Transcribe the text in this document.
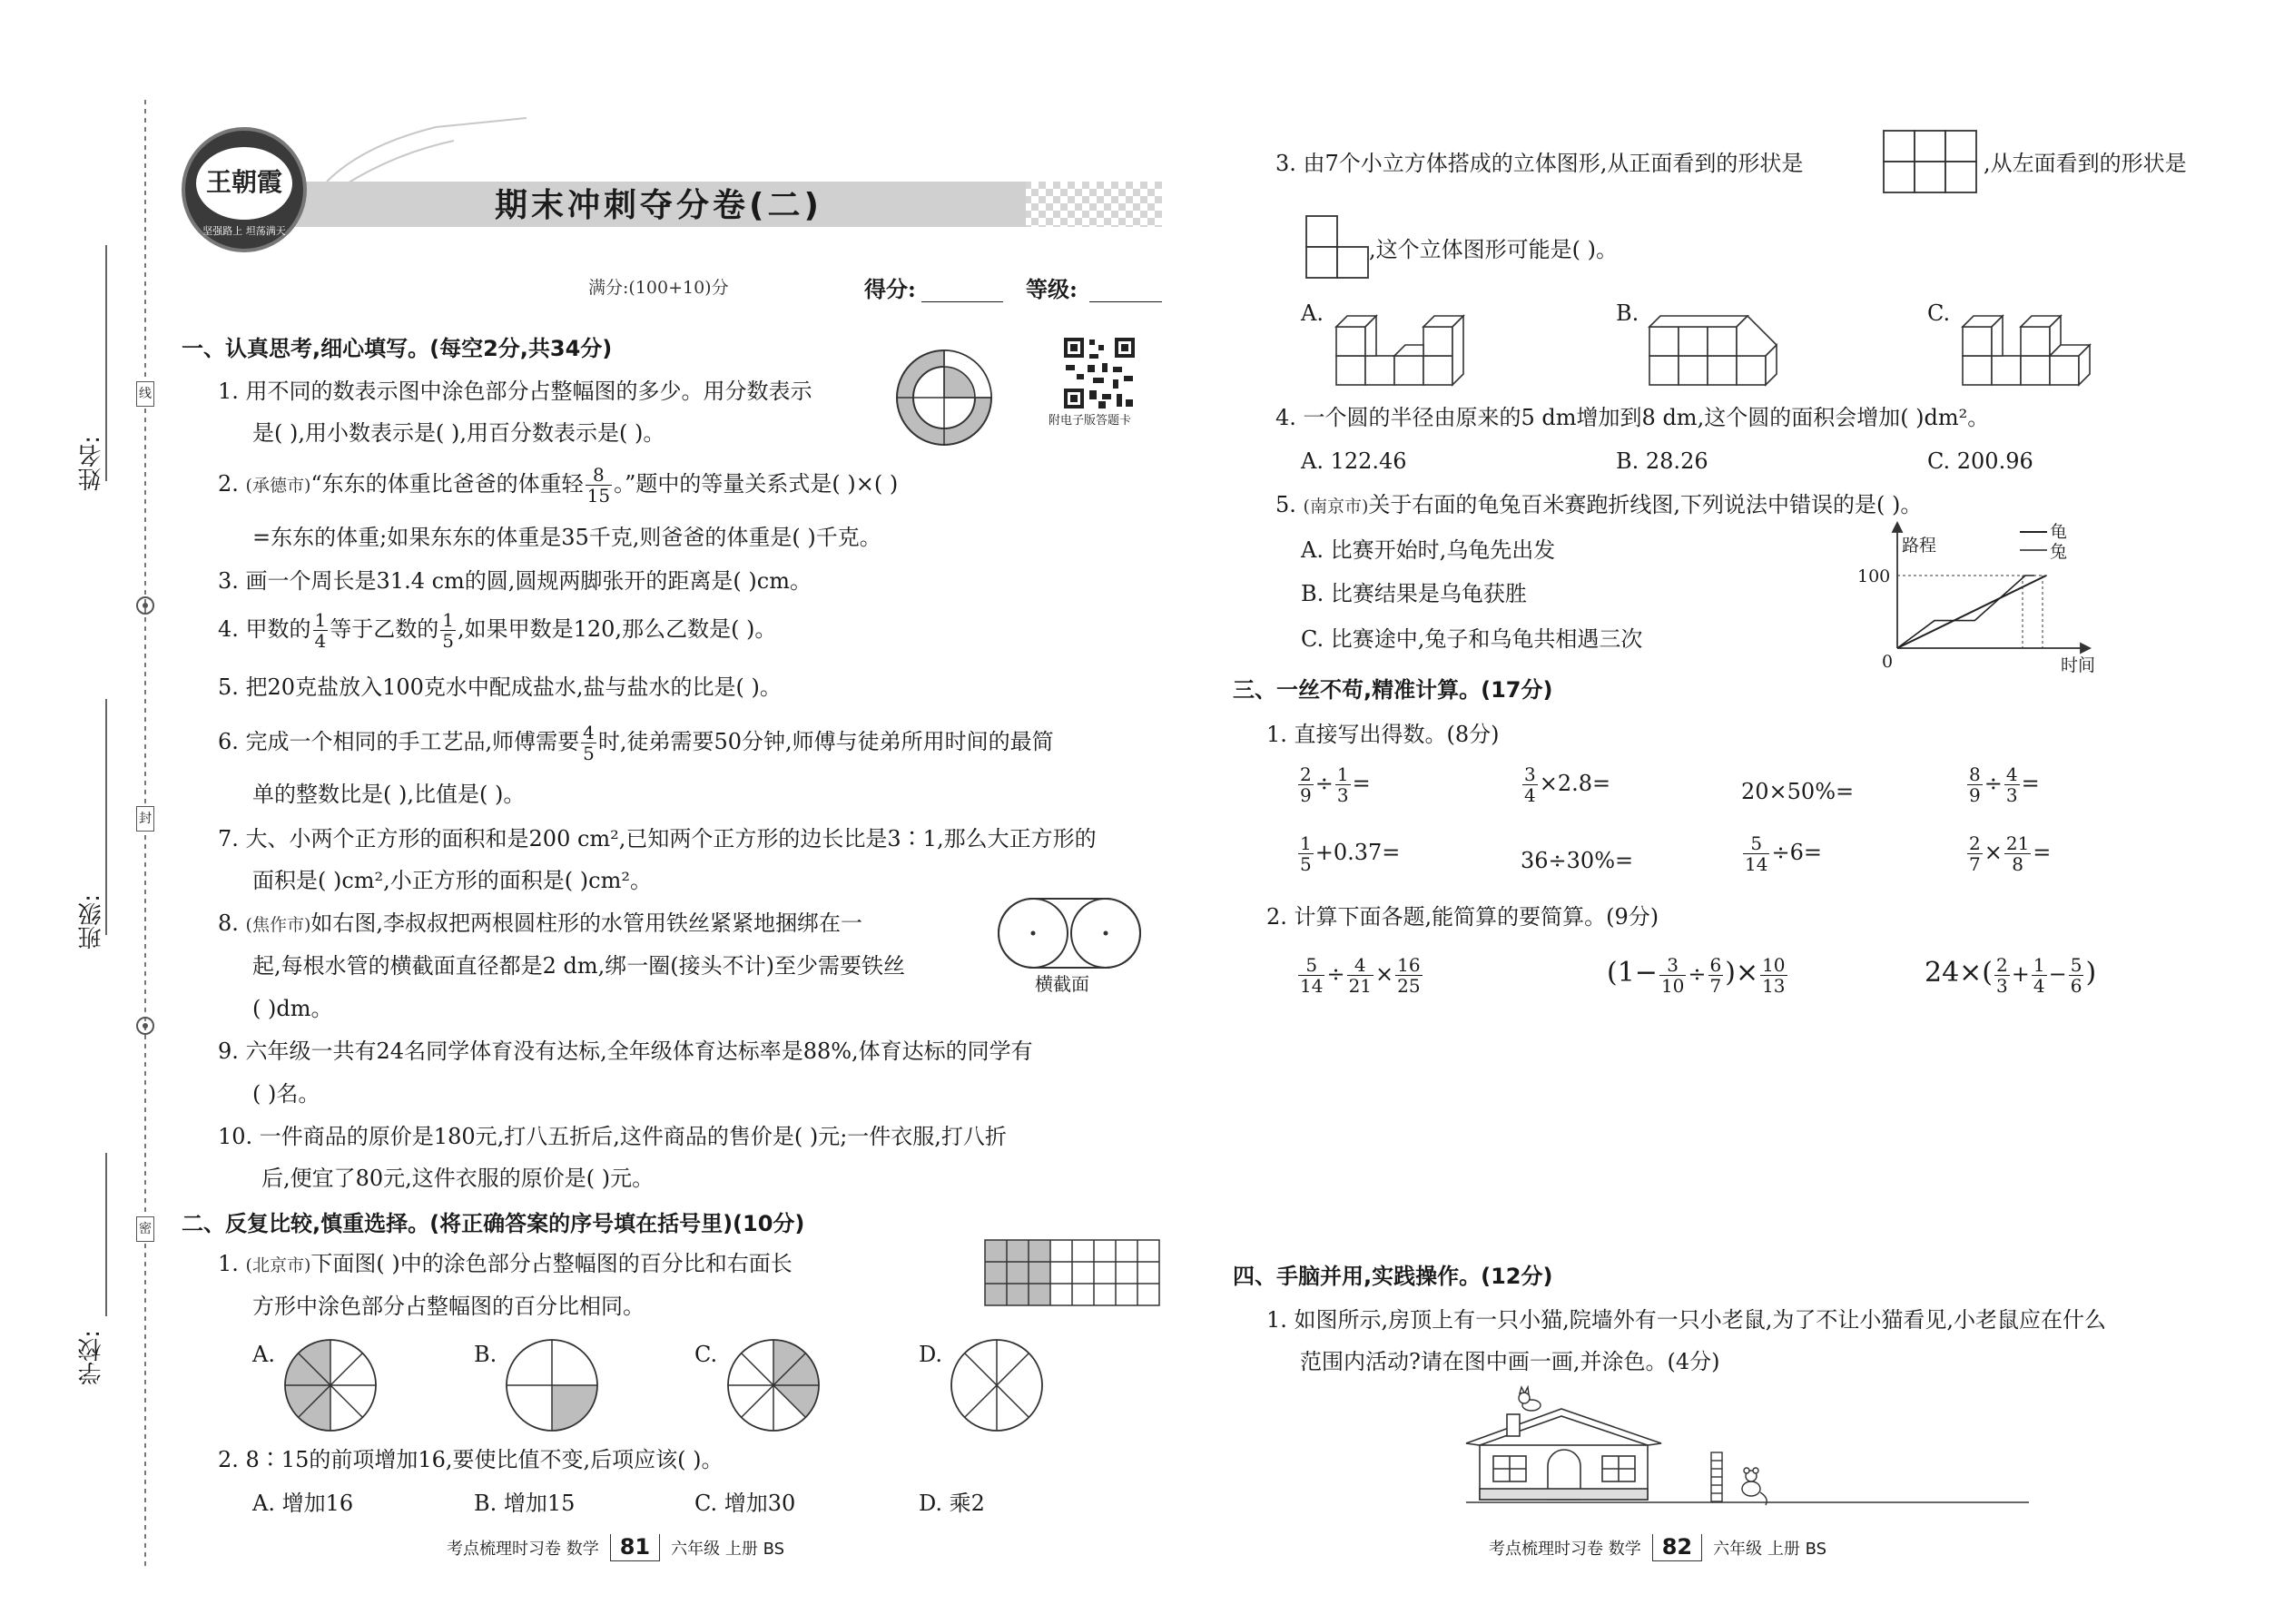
姓名:
班级:
学校:
线
封
密
王朝霞
坚强路上 坦荡满天
期末冲刺夺分卷(二)
满分:(100+10)分	得分:	等级:
附电子版答题卡
一、认真思考,细心填写。(每空2分,共34分)
1. 用不同的数表示图中涂色部分占整幅图的多少。用分数表示
是( ),用小数表示是( ),用百分数表示是( )。
2. (承德市)“东东的体重比爸爸的体重轻 $\frac{8}{15}$ 。”题中的等量关系式是( )×( )
=东东的体重;如果东东的体重是35千克,则爸爸的体重是( )千克。
3. 画一个周长是31.4 cm的圆,圆规两脚张开的距离是( )cm。
4. 甲数的 $\frac{1}{4}$ 等于乙数的 $\frac{1}{5}$ ,如果甲数是120,那么乙数是( )。
5. 把20克盐放入100克水中配成盐水,盐与盐水的比是( )。
6. 完成一个相同的手工艺品,师傅需要 $\frac{4}{5}$ 时,徒弟需要50分钟,师傅与徒弟所用时间的最简
单的整数比是( ),比值是( )。
7. 大、小两个正方形的面积和是200 cm²,已知两个正方形的边长比是3∶1,那么大正方形的
面积是( )cm²,小正方形的面积是( )cm²。
8. (焦作市)如右图,李叔叔把两根圆柱形的水管用铁丝紧紧地捆绑在一
起,每根水管的横截面直径都是2 dm,绑一圈(接头不计)至少需要铁丝
( )dm。
横截面
9. 六年级一共有24名同学体育没有达标,全年级体育达标率是88%,体育达标的同学有
( )名。
10. 一件商品的原价是180元,打八五折后,这件商品的售价是( )元;一件衣服,打八折
后,便宜了80元,这件衣服的原价是( )元。
二、反复比较,慎重选择。(将正确答案的序号填在括号里)(10分)
1. (北京市)下面图( )中的涂色部分占整幅图的百分比和右面长
方形中涂色部分占整幅图的百分比相同。
A.	B.	C.	D.
2. 8∶15的前项增加16,要使比值不变,后项应该( )。
A. 增加16	B. 增加15	C. 增加30	D. 乘2
考点梳理时习卷 数学 81 六年级 上册 BS
3. 由7个小立方体搭成的立体图形,从正面看到的形状是	,从左面看到的形状是
,这个立体图形可能是( )。
A.	B.	C.
4. 一个圆的半径由原来的5 dm增加到8 dm,这个圆的面积会增加( )dm²。
A. 122.46	B. 28.26	C. 200.96
5. (南京市)关于右面的龟兔百米赛跑折线图,下列说法中错误的是( )。
A. 比赛开始时,乌龟先出发
B. 比赛结果是乌龟获胜
C. 比赛途中,兔子和乌龟共相遇三次
路程
100
0	时间
龟
兔
三、一丝不苟,精准计算。(17分)
1. 直接写出得数。(8分)
$\frac{2}{9} \div \frac{1}{3}$ =	$\frac{3}{4} \times 2.8=$	20×50%=	$\frac{8}{9} \div \frac{4}{3}$ =
$\frac{1}{5} +0.37=$	36÷30%=	$\frac{5}{14} \div 6=$	$\frac{2}{7} \times \frac{21}{8}$ =
2. 计算下面各题,能简算的要简算。(9分)
$\frac{5}{14} \div \frac{4}{21} \times \frac{16}{25}$	($1- \frac{3}{10} \div \frac{6}{7}$ )× $\frac{10}{13}$	$24\times( \frac{2}{3} + \frac{1}{4} - \frac{5}{6}$ )
四、手脑并用,实践操作。(12分)
1. 如图所示,房顶上有一只小猫,院墙外有一只小老鼠,为了不让小猫看见,小老鼠应在什么
范围内活动?请在图中画一画,并涂色。(4分)
考点梳理时习卷 数学 82 六年级 上册 BS
